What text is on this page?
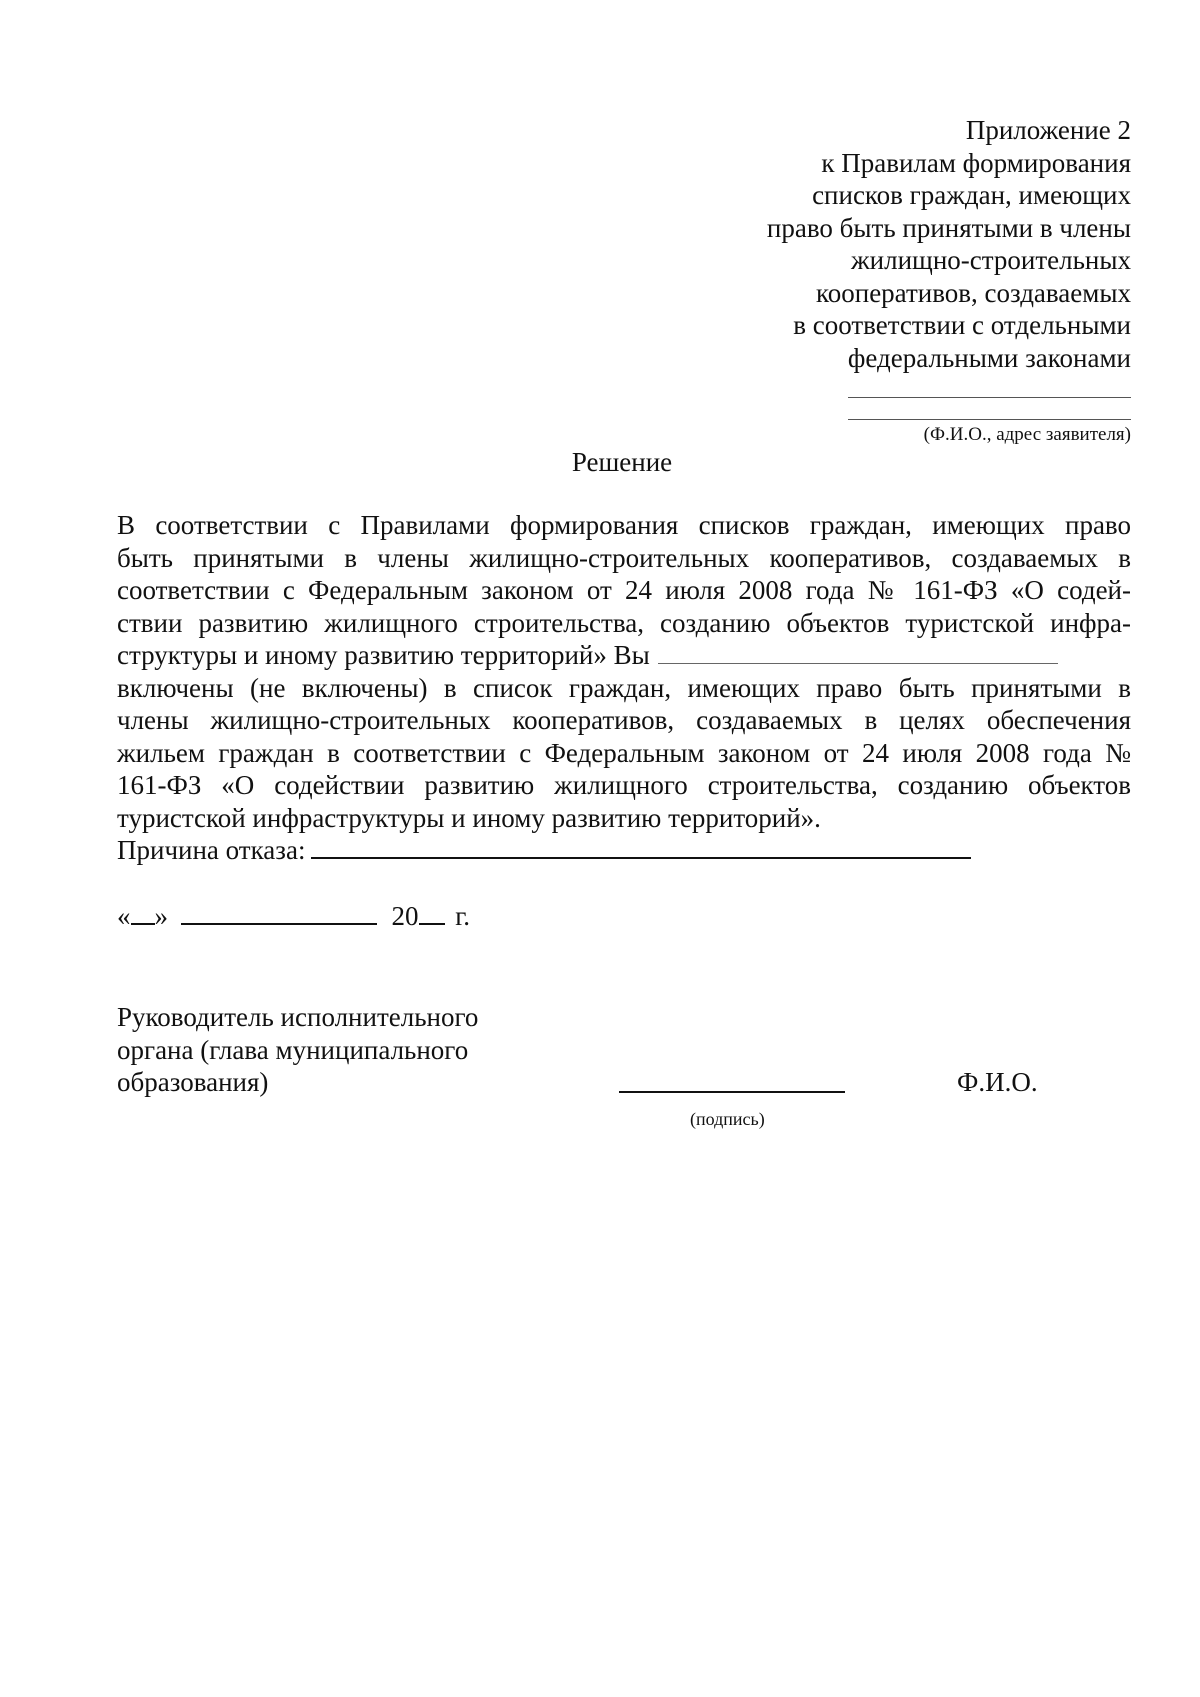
Приложение 2
к Правилам формирования
списков граждан, имеющих
право быть принятыми в члены
жилищно-строительных
кооперативов, создаваемых
в соответствии с отдельными
федеральными законами
(Ф.И.О., адрес заявителя)
Решение
В соответствии с Правилами формирования списков граждан, имеющих право
быть принятыми в члены жилищно-строительных кооперативов, создаваемых в
соответствии с Федеральным законом от 24 июля 2008 года № 161-ФЗ «О содей-
ствии развитию жилищного строительства, созданию объектов туристской инфра-
структуры и иному развитию территорий» Вы
включены (не включены) в список граждан, имеющих право быть принятыми в
члены жилищно-строительных кооперативов, создаваемых в целях обеспечения
жильем граждан в соответствии с Федеральным законом от 24 июля 2008 года №
161-ФЗ «О содействии развитию жилищного строительства, созданию объектов
туристской инфраструктуры и иному развитию территорий».
Причина отказа:
« »	20 г.
Руководитель исполнительного
органа (глава муниципального
образования)
(подпись)
Ф.И.О.
